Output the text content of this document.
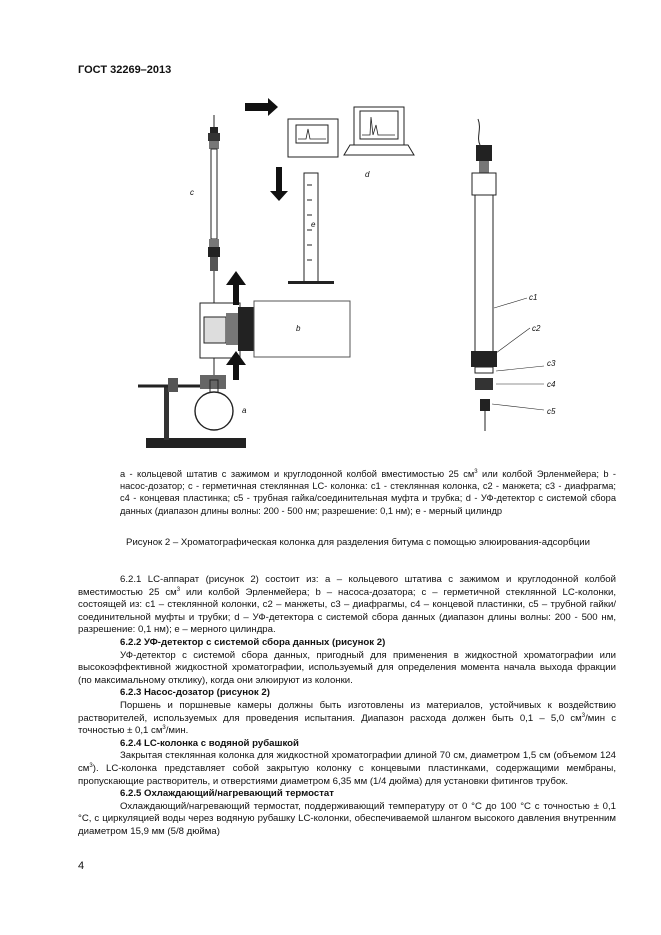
ГОСТ 32269–2013
c
e
d
b
a
c1
c2
c3
c4
c5
a - кольцевой штатив с зажимом и круглодонной колбой вместимостью 25 $см^3$ или колбой Эрленмейера; b - насос-дозатор; c - герметичная стеклянная LC- колонка: c1 - стеклянная колонка, c2 - манжета; c3 - диафрагма; c4 - концевая пластинка; c5 - трубная гайка/соединительная муфта и трубка; d - УФ-детектор с системой сбора данных (диапазон длины волны: 200 - 500 нм; разрешение: 0,1 нм); e - мерный цилиндр
Рисунок 2 – Хроматографическая колонка для разделения битума с помощью элюирования-адсорбции

6.2.1 LC-аппарат (рисунок 2) состоит из: a – кольцевого штатива с зажимом и круглодонной колбой вместимостью 25 $см^3$ или колбой Эрленмейера; b – насоса-дозатора; c – герметичной стеклянной LC-колонки, состоящей из: c1 – стеклянной колонки, c2 – манжеты, c3 – диафрагмы, c4 – концевой пластинки, c5 – трубной гайки/соединительной муфты и трубки; d – УФ-детектора с системой сбора данных (диапазон длины волны: 200 - 500 нм, разрешение: 0,1 нм); e – мерного цилиндра.

6.2.2 УФ-детектор с системой сбора данных (рисунок 2)

УФ-детектор с системой сбора данных, пригодный для применения в жидкостной хроматографии или высокоэффективной жидкостной хроматографии, используемый для определения момента начала выхода фракции (по максимальному отклику), когда они элюируют из колонки.

6.2.3 Насос-дозатор (рисунок 2)

Поршень и поршневые камеры должны быть изготовлены из материалов, устойчивых к воздействию растворителей, используемых для проведения испытания. Диапазон расхода должен быть 0,1 – 5,0 $см^3$/мин с точностью ± 0,1 $см^3$/мин.

6.2.4 LC-колонка с водяной рубашкой

Закрытая стеклянная колонка для жидкостной хроматографии длиной 70 см, диаметром 1,5 см (объемом 124 $см^3$). LC-колонка представляет собой закрытую колонку с концевыми пластинками, содержащими мембраны, пропускающие растворитель, и отверстиями диаметром 6,35 мм (1/4 дюйма) для установки фитингов трубок.

6.2.5 Охлаждающий/нагревающий термостат

Охлаждающий/нагревающий термостат, поддерживающий температуру от 0 °С до 100 °С с точностью ± 0,1 °С, с циркуляцией воды через водяную рубашку LC-колонки, обеспечиваемой шлангом высокого давления внутренним диаметром 15,9 мм (5/8 дюйма)

4
